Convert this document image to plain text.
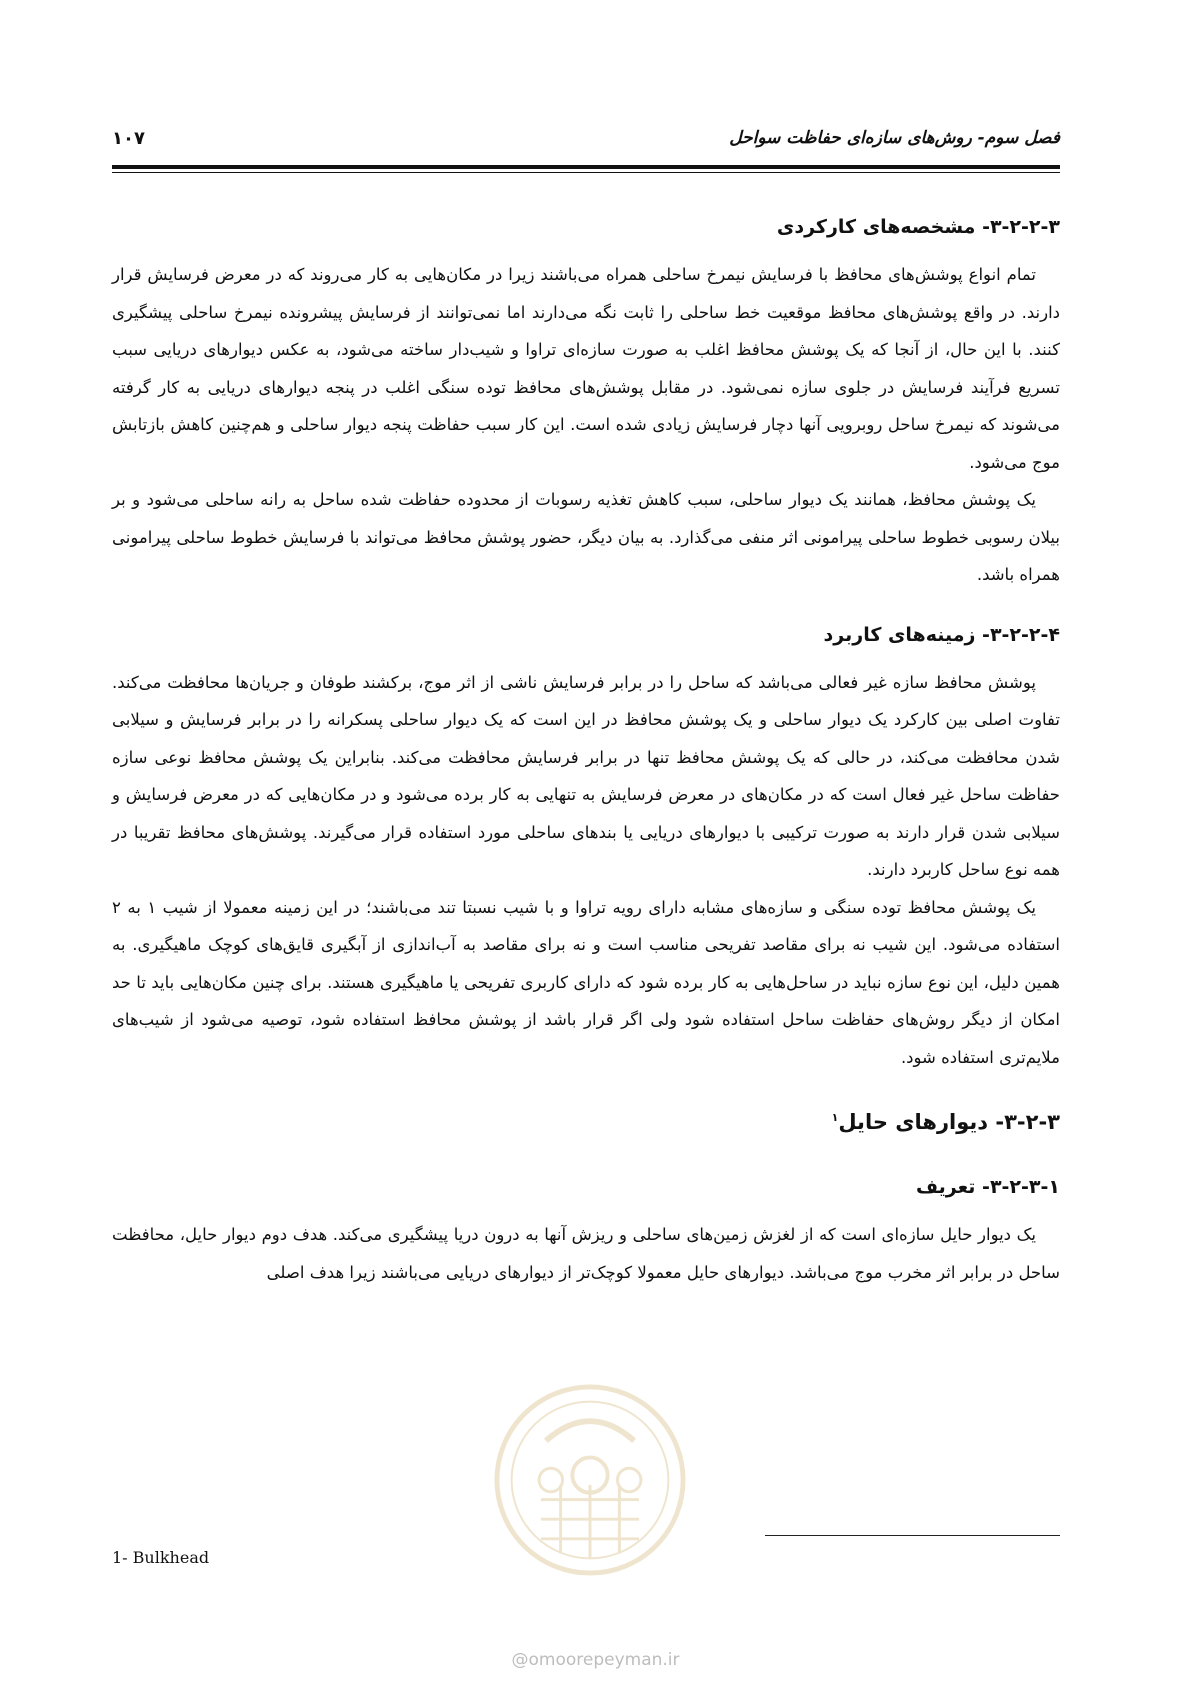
فصل سوم- روش‌های سازه‌ای حفاظت سواحل
۱۰۷
۳-۲-۲-۳- مشخصه‌های کارکردی

تمام انواع پوشش‌های محافظ با فرسایش نیمرخ ساحلی همراه می‌باشند زیرا در مکان‌هایی به کار می‌روند که در معرض فرسایش قرار دارند. در واقع پوشش‌های محافظ موقعیت خط ساحلی را ثابت نگه می‌دارند اما نمی‌توانند از فرسایش پیشرونده نیمرخ ساحلی پیشگیری کنند. با این حال، از آنجا که یک پوشش محافظ اغلب به صورت سازه‌ای تراوا و شیب‌دار ساخته می‌شود، به عکس دیوارهای دریایی سبب تسریع فرآیند فرسایش در جلوی سازه نمی‌شود. در مقابل پوشش‌های محافظ توده سنگی اغلب در پنجه دیوارهای دریایی به کار گرفته می‌شوند که نیمرخ ساحل روبرویی آنها دچار فرسایش زیادی شده است. این کار سبب حفاظت پنجه دیوار ساحلی و هم‌چنین کاهش بازتابش موج می‌شود.

یک پوشش محافظ، همانند یک دیوار ساحلی، سبب کاهش تغذیه رسوبات از محدوده حفاظت شده ساحل به رانه ساحلی می‌شود و بر بیلان رسوبی خطوط ساحلی پیرامونی اثر منفی می‌گذارد. به بیان دیگر، حضور پوشش محافظ می‌تواند با فرسایش خطوط ساحلی پیرامونی همراه باشد.

۳-۲-۲-۴- زمینه‌های کاربرد

پوشش محافظ سازه غیر فعالی می‌باشد که ساحل را در برابر فرسایش ناشی از اثر موج، برکشند طوفان و جریان‌ها محافظت می‌کند. تفاوت اصلی بین کارکرد یک دیوار ساحلی و یک پوشش محافظ در این است که یک دیوار ساحلی پسکرانه را در برابر فرسایش و سیلابی شدن محافظت می‌کند، در حالی که یک پوشش محافظ تنها در برابر فرسایش محافظت می‌کند. بنابراین یک پوشش محافظ نوعی سازه حفاظت ساحل غیر فعال است که در مکان‌های در معرض فرسایش به تنهایی به کار برده می‌شود و در مکان‌هایی که در معرض فرسایش و سیلابی شدن قرار دارند به صورت ترکیبی با دیوارهای دریایی یا بندهای ساحلی مورد استفاده قرار می‌گیرند. پوشش‌های محافظ تقریبا در همه نوع ساحل کاربرد دارند.

یک پوشش محافظ توده سنگی و سازه‌های مشابه دارای رویه تراوا و با شیب نسبتا تند می‌باشند؛ در این زمینه معمولا از شیب ۱ به ۲ استفاده می‌شود. این شیب نه برای مقاصد تفریحی مناسب است و نه برای مقاصد به آب‌اندازی از آبگیری قایق‌های کوچک ماهیگیری. به همین دلیل، این نوع سازه نباید در ساحل‌هایی به کار برده شود که دارای کاربری تفریحی یا ماهیگیری هستند. برای چنین مکان‌هایی باید تا حد امکان از دیگر روش‌های حفاظت ساحل استفاده شود ولی اگر قرار باشد از پوشش محافظ استفاده شود، توصیه می‌شود از شیب‌های ملایم‌تری استفاده شود.

۳-۲-۳- دیوارهای حایل$^۱$
۳-۲-۳-۱- تعریف

یک دیوار حایل سازه‌ای است که از لغزش زمین‌های ساحلی و ریزش آنها به درون دریا پیشگیری می‌کند. هدف دوم دیوار حایل، محافظت ساحل در برابر اثر مخرب موج می‌باشد. دیوارهای حایل معمولا کوچک‌تر از دیوارهای دریایی می‌باشند زیرا هدف اصلی

1- Bulkhead
@omoorepeyman.ir
